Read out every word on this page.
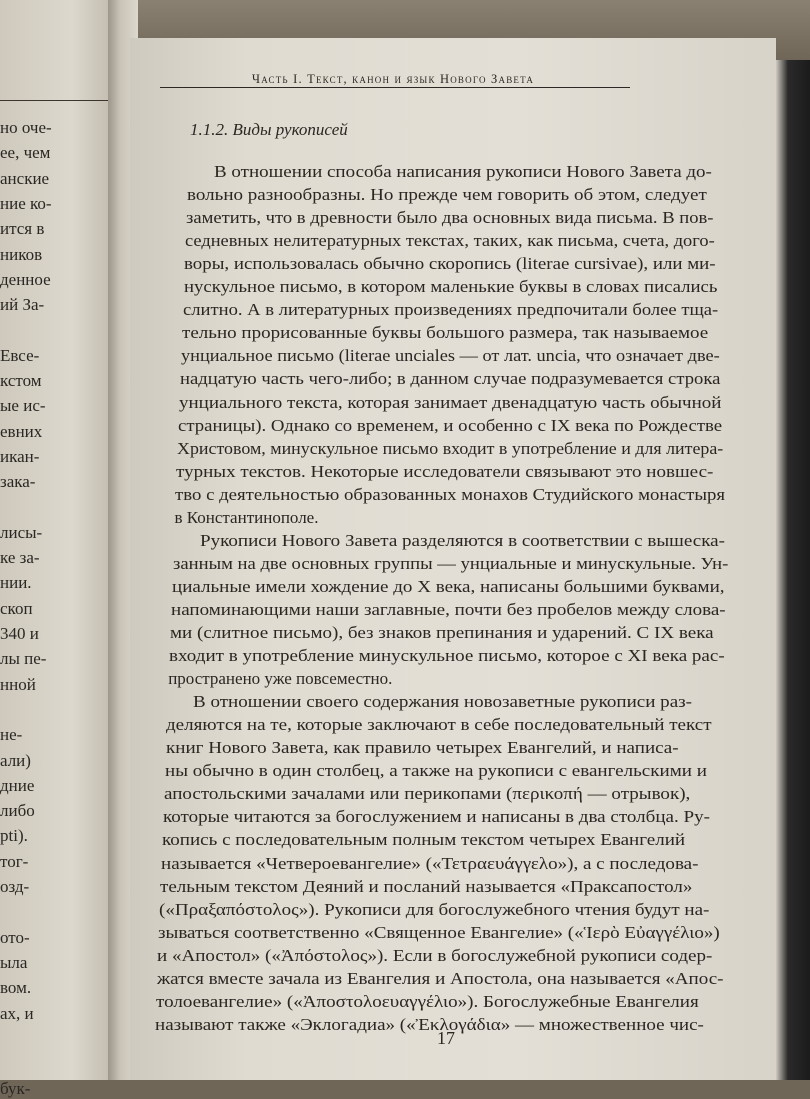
но оче-
ее, чем
анские
ние ко-
ится в
ников
денное
ий За-
Евсе-
кстом
ые ис-
евних
икан-
зака-
лисы-
ке за-
нии.
скоп
340 и
лы пе-
нной
не-
али)
дние
либо
pti).
тог-
озд-
ото-
ыла
вом.
ах, и
бук-
Часть I. Текст, канон и язык Нового Завета
1.1.2. Виды рукописей
В отношении способа написания рукописи Нового Завета до-
вольно разнообразны. Но прежде чем говорить об этом, следует
заметить, что в древности было два основных вида письма. В пов-
седневных нелитературных текстах, таких, как письма, счета, дого-
воры, использовалась обычно скоропись (literae cursivae), или ми-
нускульное письмо, в котором маленькие буквы в словах писались
слитно. А в литературных произведениях предпочитали более тща-
тельно прорисованные буквы большого размера, так называемое
унциальное письмо (literae unciales — от лат. uncia, что означает две-
надцатую часть чего-либо; в данном случае подразумевается строка
унциального текста, которая занимает двенадцатую часть обычной
страницы). Однако со временем, и особенно с IX века по Рождестве
Христовом, минускульное письмо входит в употребление и для литера-
турных текстов. Некоторые исследователи связывают это новшес-
тво с деятельностью образованных монахов Студийского монастыря
в Константинополе.
Рукописи Нового Завета разделяются в соответствии с вышеска-
занным на две основных группы — унциальные и минускульные. Ун-
циальные имели хождение до X века, написаны большими буквами,
напоминающими наши заглавные, почти без пробелов между слова-
ми (слитное письмо), без знаков препинания и ударений. С IX века
входит в употребление минускульное письмо, которое с XI века рас-
пространено уже повсеместно.
В отношении своего содержания новозаветные рукописи раз-
деляются на те, которые заключают в себе последовательный текст
книг Нового Завета, как правило четырех Евангелий, и написа-
ны обычно в один столбец, а также на рукописи с евангельскими и
апостольскими зачалами или перикопами (περικοπή — отрывок),
которые читаются за богослужением и написаны в два столбца. Ру-
копись с последовательным полным текстом четырех Евангелий
называется «Четвероевангелие» («Τετραευάγγελο»), а с последова-
тельным текстом Деяний и посланий называется «Праксапостол»
(«Πραξαπόστολος»). Рукописи для богослужебного чтения будут на-
зываться соответственно «Священное Евангелие» («Ἱερὸ Εὐαγγέλιο»)
и «Апостол» («Ἀπόστολος»). Если в богослужебной рукописи содер-
жатся вместе зачала из Евангелия и Апостола, она называется «Апос-
толоевангелие» («Ἀποστολοευαγγέλιο»). Богослужебные Евангелия
называют также «Эклогадиа» («Ἐκλογάδια» — множественное чис-
17
